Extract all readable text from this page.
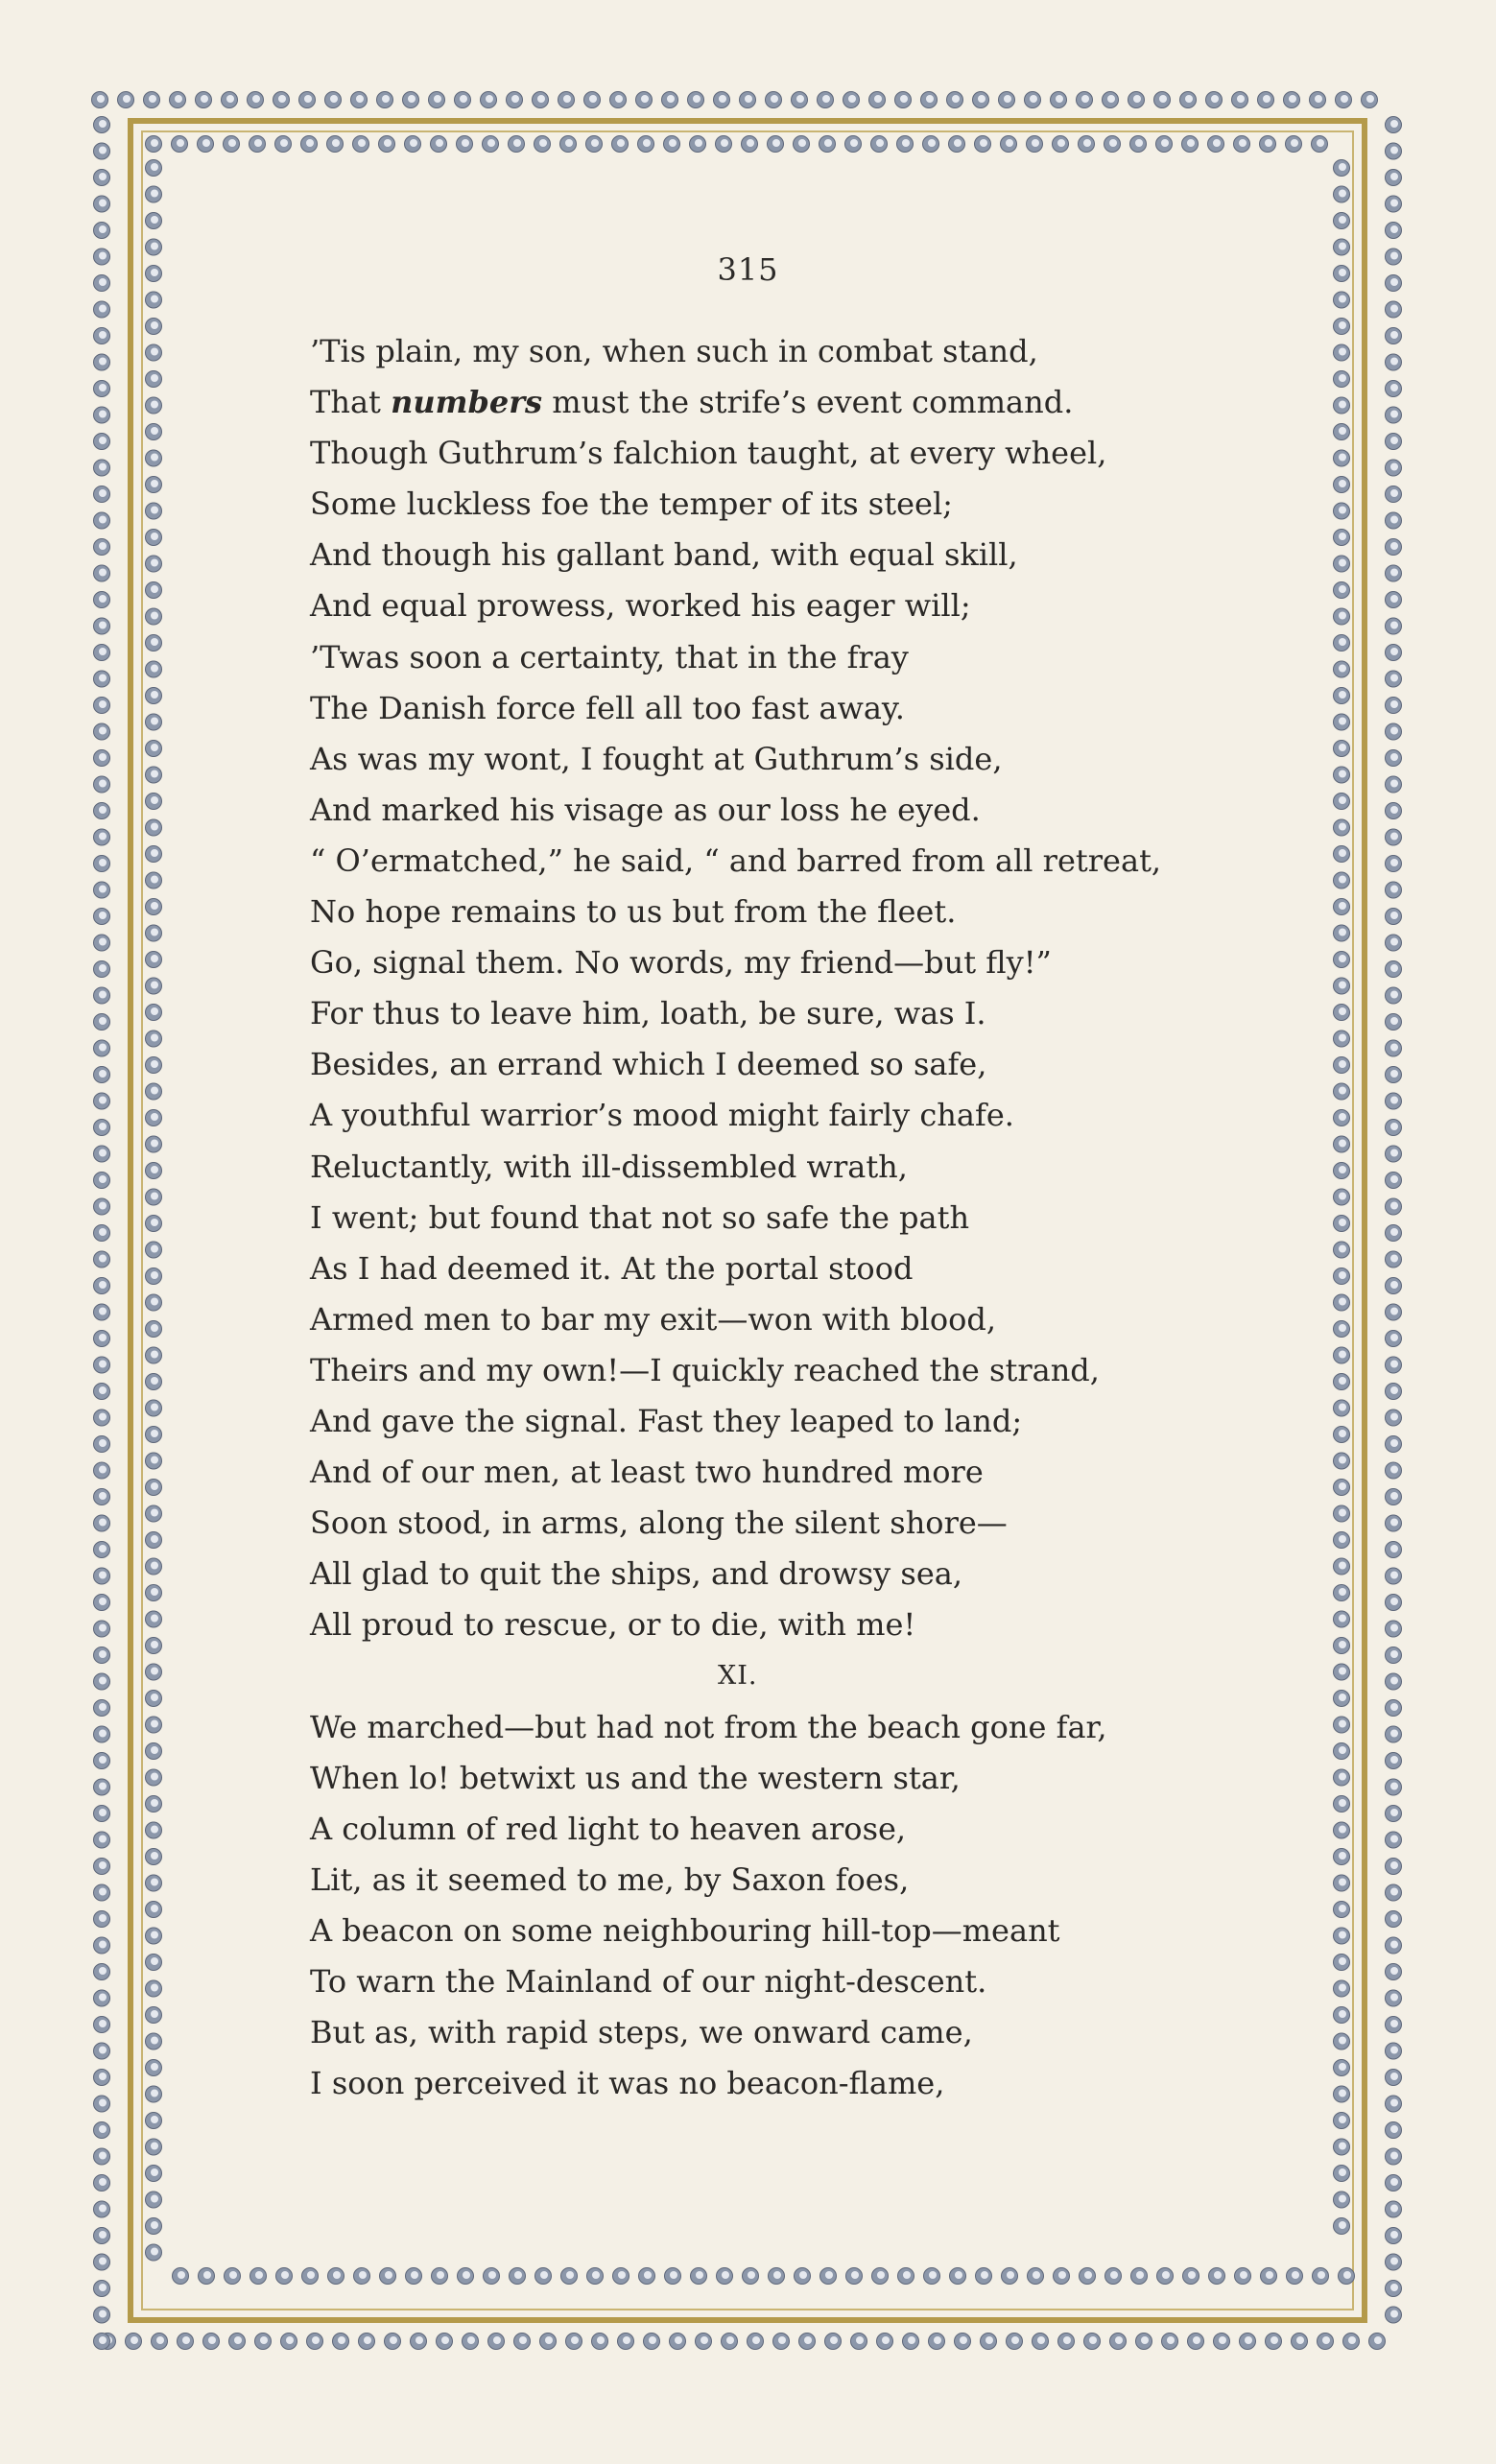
315
’Tis plain, my son, when such in combat stand,
That numbers must the strife’s event command.
Though Guthrum’s falchion taught, at every wheel,
Some luckless foe the temper of its steel;
And though his gallant band, with equal skill,
And equal prowess, worked his eager will;
’Twas soon a certainty, that in the fray
The Danish force fell all too fast away.
As was my wont, I fought at Guthrum’s side,
And marked his visage as our loss he eyed.
“ O’ermatched,” he said, “ and barred from all retreat,
No hope remains to us but from the fleet.
Go, signal them. No words, my friend—but fly!”
For thus to leave him, loath, be sure, was I.
Besides, an errand which I deemed so safe,
A youthful warrior’s mood might fairly chafe.
Reluctantly, with ill-dissembled wrath,
I went; but found that not so safe the path
As I had deemed it. At the portal stood
Armed men to bar my exit—won with blood,
Theirs and my own!—I quickly reached the strand,
And gave the signal. Fast they leaped to land;
And of our men, at least two hundred more
Soon stood, in arms, along the silent shore—
All glad to quit the ships, and drowsy sea,
All proud to rescue, or to die, with me!
XI.
We marched—but had not from the beach gone far,
When lo! betwixt us and the western star,
A column of red light to heaven arose,
Lit, as it seemed to me, by Saxon foes,
A beacon on some neighbouring hill-top—meant
To warn the Mainland of our night-descent.
But as, with rapid steps, we onward came,
I soon perceived it was no beacon-flame,
